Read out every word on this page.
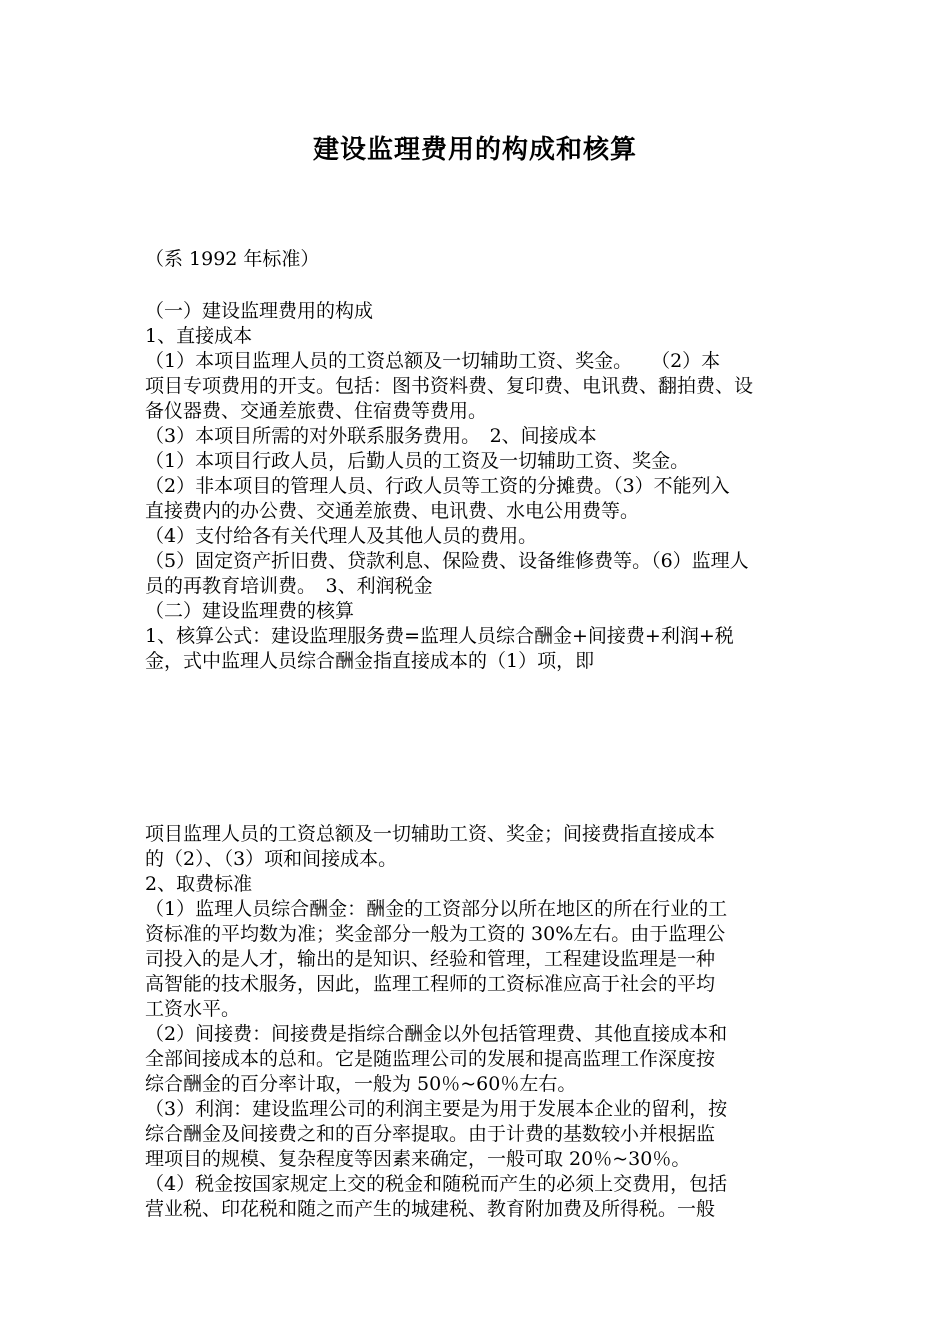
建设监理费用的构成和核算
（系 1992 年标准）
（一）建设监理费用的构成
1、直接成本
（1）本项目监理人员的工资总额及一切辅助工资、奖金。　　（2）本
项目专项费用的开支。包括：图书资料费、复印费、电讯费、翻拍费、设
备仪器费、交通差旅费、住宿费等费用。
（3）本项目所需的对外联系服务费用。　2、间接成本
（1）本项目行政人员，后勤人员的工资及一切辅助工资、奖金。
（2）非本项目的管理人员、行政人员等工资的分摊费。（3）不能列入
直接费内的办公费、交通差旅费、电讯费、水电公用费等。
（4）支付给各有关代理人及其他人员的费用。
（5）固定资产折旧费、贷款利息、保险费、设备维修费等。（6）监理人
员的再教育培训费。　3、利润税金
（二）建设监理费的核算
1、核算公式：建设监理服务费=监理人员综合酬金+间接费+利润+税
金，式中监理人员综合酬金指直接成本的（1）项，即
项目监理人员的工资总额及一切辅助工资、奖金；间接费指直接成本
的（2）、（3）项和间接成本。
2、取费标准
（1）监理人员综合酬金：酬金的工资部分以所在地区的所在行业的工
资标准的平均数为准；奖金部分一般为工资的 30%左右。由于监理公
司投入的是人才，输出的是知识、经验和管理，工程建设监理是一种
高智能的技术服务，因此，监理工程师的工资标准应高于社会的平均
工资水平。
（2）间接费：间接费是指综合酬金以外包括管理费、其他直接成本和
全部间接成本的总和。它是随监理公司的发展和提高监理工作深度按
综合酬金的百分率计取，一般为 50％~60％左右。
（3）利润：建设监理公司的利润主要是为用于发展本企业的留利，按
综合酬金及间接费之和的百分率提取。由于计费的基数较小并根据监
理项目的规模、复杂程度等因素来确定，一般可取 20％~30％。
（4）税金按国家规定上交的税金和随税而产生的必须上交费用，包括
营业税、印花税和随之而产生的城建税、教育附加费及所得税。一般
